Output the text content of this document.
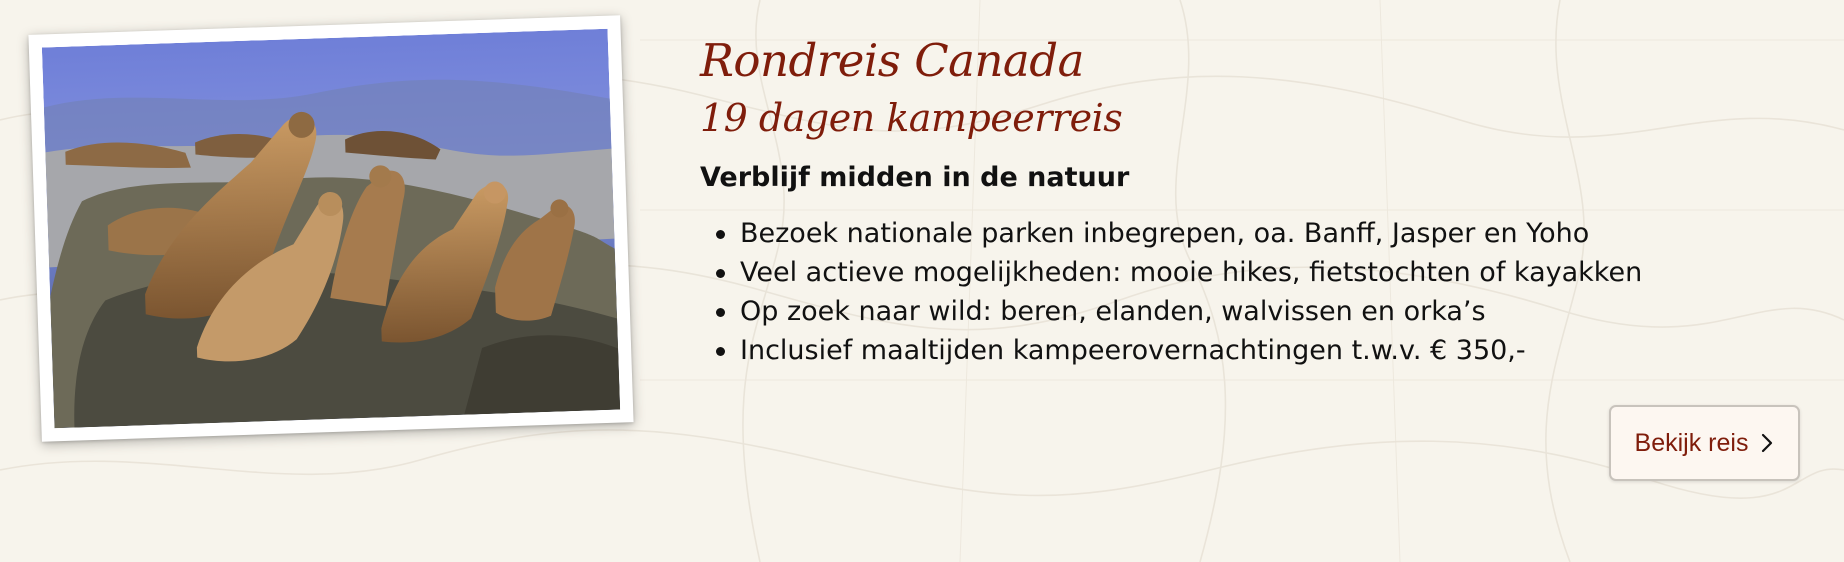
Rondreis Canada
19 dagen kampeerreis

Verblijf midden in de natuur

Bezoek nationale parken inbegrepen, oa. Banff, Jasper en Yoho
Veel actieve mogelijkheden: mooie hikes, fietstochten of kayakken
Op zoek naar wild: beren, elanden, walvissen en orka’s
Inclusief maaltijden kampeerovernachtingen t.w.v. € 350,-
Bekijk reis
